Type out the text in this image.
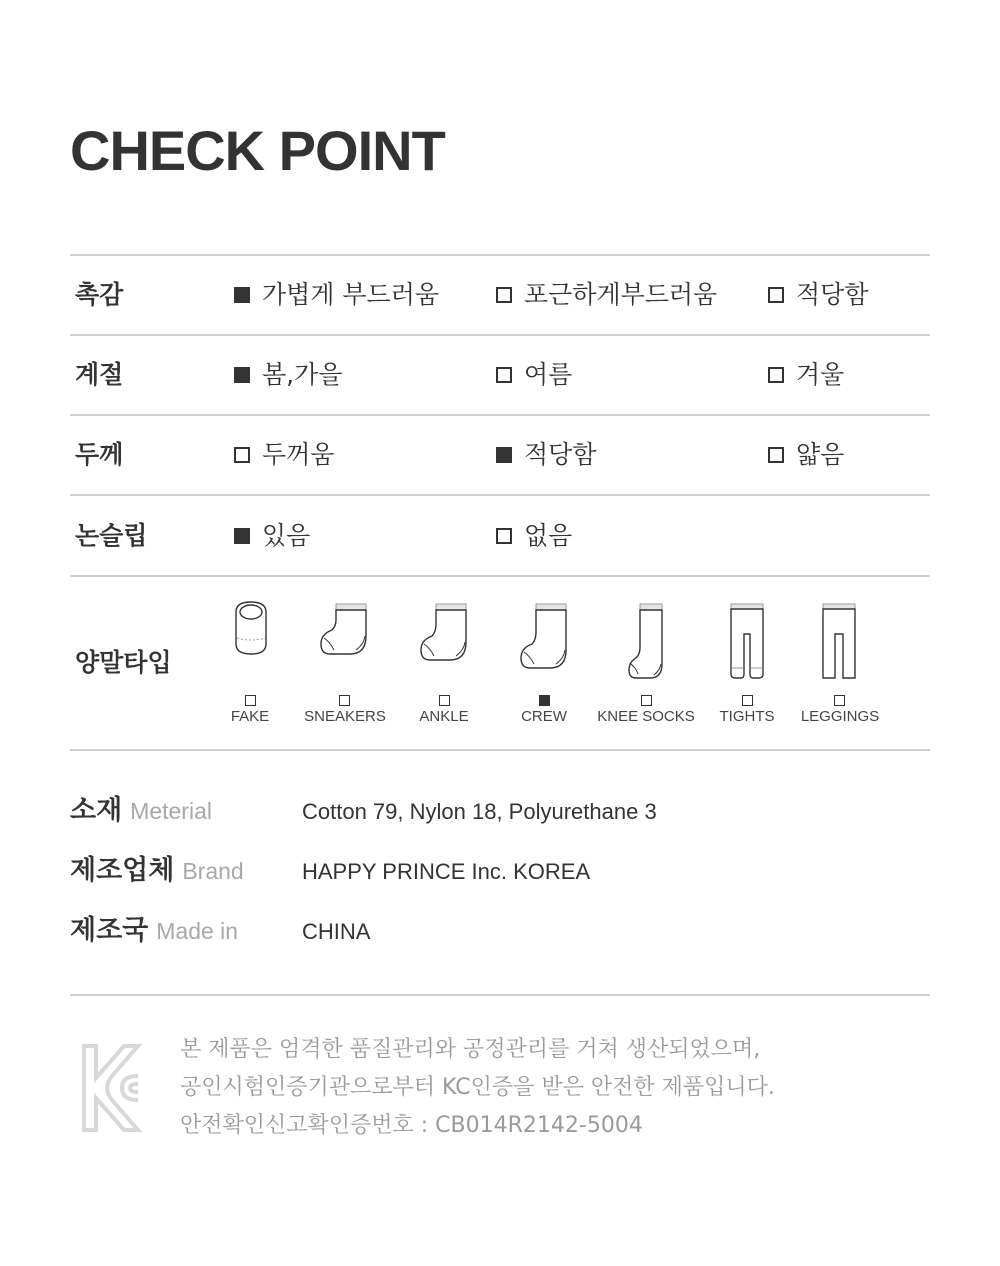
CHECK POINT
촉감	가볍게 부드러움	포근하게부드러움	적당함
계절	봄,가을	여름	겨울
두께	두꺼움	적당함	얇음
논슬립	있음	없음
양말타입
FAKE SNEAKERS ANKLE	CREW KNEE SOCKS TIGHTS LEGGINGS
소재 Meterial	Cotton 79, Nylon 18, Polyurethane 3
제조업체 Brand	HAPPY PRINCE Inc. KOREA
제조국 Made in	CHINA
본 제품은 엄격한 품질관리와 공정관리를 거쳐 생산되었으며,
공인시험인증기관으로부터 KC인증을 받은 안전한 제품입니다.
안전확인신고확인증번호 : CB014R2142-5004
